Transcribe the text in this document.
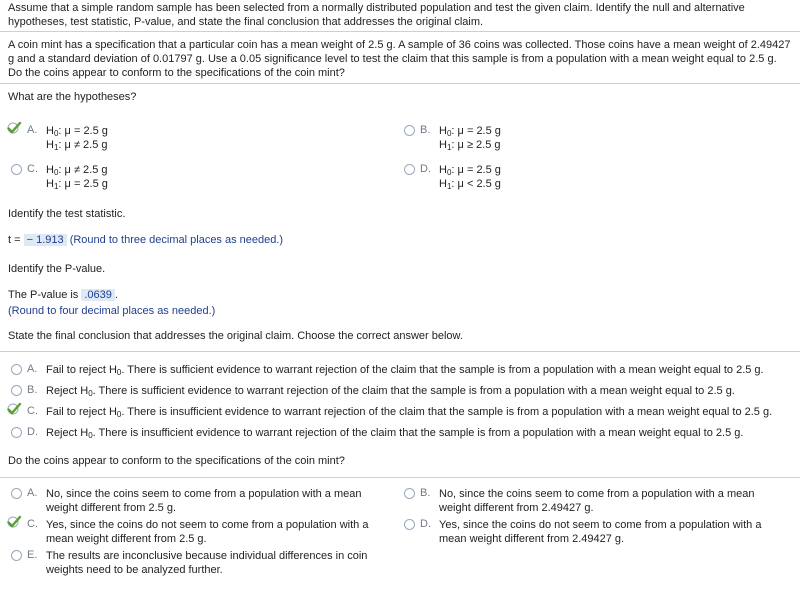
Assume that a simple random sample has been selected from a normally distributed population and test the given claim. Identify the null and alternative hypotheses, test statistic, P-value, and state the final conclusion that addresses the original claim.
A coin mint has a specification that a particular coin has a mean weight of 2.5 g. A sample of 36 coins was collected. Those coins have a mean weight of 2.49427 g and a standard deviation of 0.01797 g. Use a 0.05 significance level to test the claim that this sample is from a population with a mean weight equal to 2.5 g. Do the coins appear to conform to the specifications of the coin mint?
What are the hypotheses?
A. $H_0$: μ = 2.5 g
$H_1$: μ ≠ 2.5 g
B. $H_0$: μ = 2.5 g
$H_1$: μ ≥ 2.5 g
C. $H_0$: μ ≠ 2.5 g
$H_1$: μ = 2.5 g
D. $H_0$: μ = 2.5 g
$H_1$: μ < 2.5 g
Identify the test statistic.
t = − 1.913 (Round to three decimal places as needed.)
Identify the P-value.
The P-value is .0639 .
(Round to four decimal places as needed.)
State the final conclusion that addresses the original claim. Choose the correct answer below.
A. Fail to reject $H_0$. There is sufficient evidence to warrant rejection of the claim that the sample is from a population with a mean weight equal to 2.5 g.
B. Reject $H_0$. There is sufficient evidence to warrant rejection of the claim that the sample is from a population with a mean weight equal to 2.5 g.
C. Fail to reject $H_0$. There is insufficient evidence to warrant rejection of the claim that the sample is from a population with a mean weight equal to 2.5 g.
D. Reject $H_0$. There is insufficient evidence to warrant rejection of the claim that the sample is from a population with a mean weight equal to 2.5 g.
Do the coins appear to conform to the specifications of the coin mint?
A. No, since the coins seem to come from a population with a mean
weight different from 2.5 g.
B. No, since the coins seem to come from a population with a mean
weight different from 2.49427 g.
C. Yes, since the coins do not seem to come from a population with a
mean weight different from 2.5 g.
D. Yes, since the coins do not seem to come from a population with a
mean weight different from 2.49427 g.
E. The results are inconclusive because individual differences in coin
weights need to be analyzed further.
